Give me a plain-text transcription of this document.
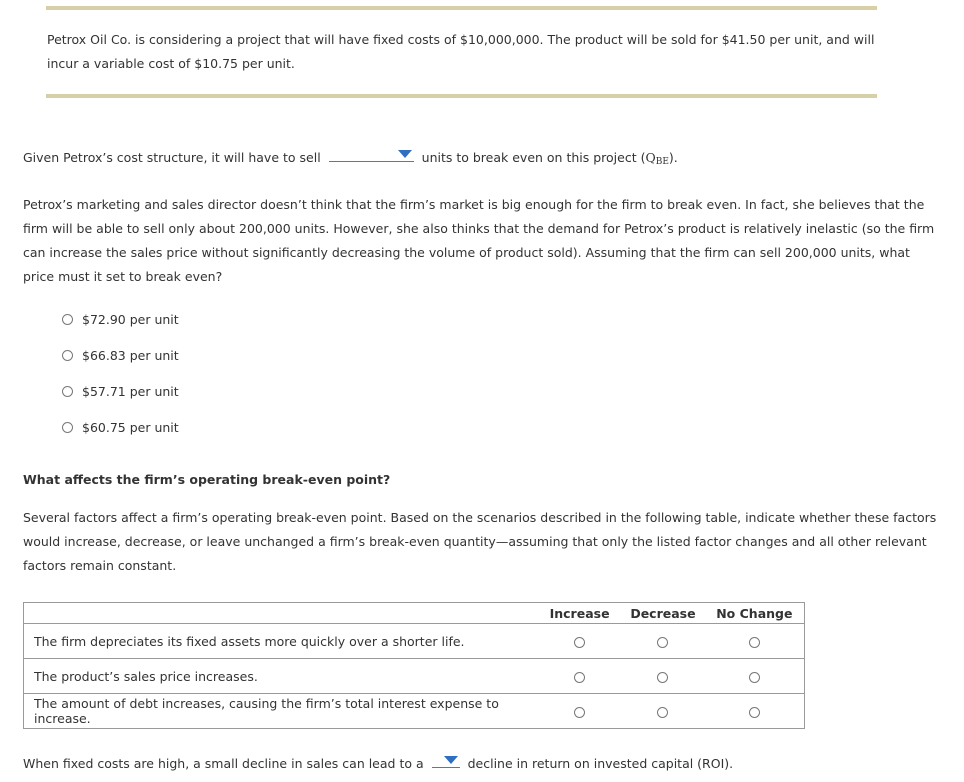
Petrox Oil Co. is considering a project that will have fixed costs of $10,000,000. The product will be sold for $41.50 per unit, and will incur a variable cost of $10.75 per unit.
Given Petrox’s cost structure, it will have to sell	units to break even on this project $(Q_{BE})$.
Petrox’s marketing and sales director doesn’t think that the firm’s market is big enough for the firm to break even. In fact, she believes that the firm will be able to sell only about 200,000 units. However, she also thinks that the demand for Petrox’s product is relatively inelastic (so the firm can increase the sales price without significantly decreasing the volume of product sold). Assuming that the firm can sell 200,000 units, what price must it set to break even?
$72.90 per unit
$66.83 per unit
$57.71 per unit
$60.75 per unit
What affects the firm’s operating break-even point?
Several factors affect a firm’s operating break-even point. Based on the scenarios described in the following table, indicate whether these factors would increase, decrease, or leave unchanged a firm’s break-even quantity—assuming that only the listed factor changes and all other relevant factors remain constant.
	Increase	Decrease	No Change
The firm depreciates its fixed assets more quickly over a shorter life.			
The product’s sales price increases.			
The amount of debt increases, causing the firm’s total interest expense to increase.			
When fixed costs are high, a small decline in sales can lead to a	decline in return on invested capital (ROI).
